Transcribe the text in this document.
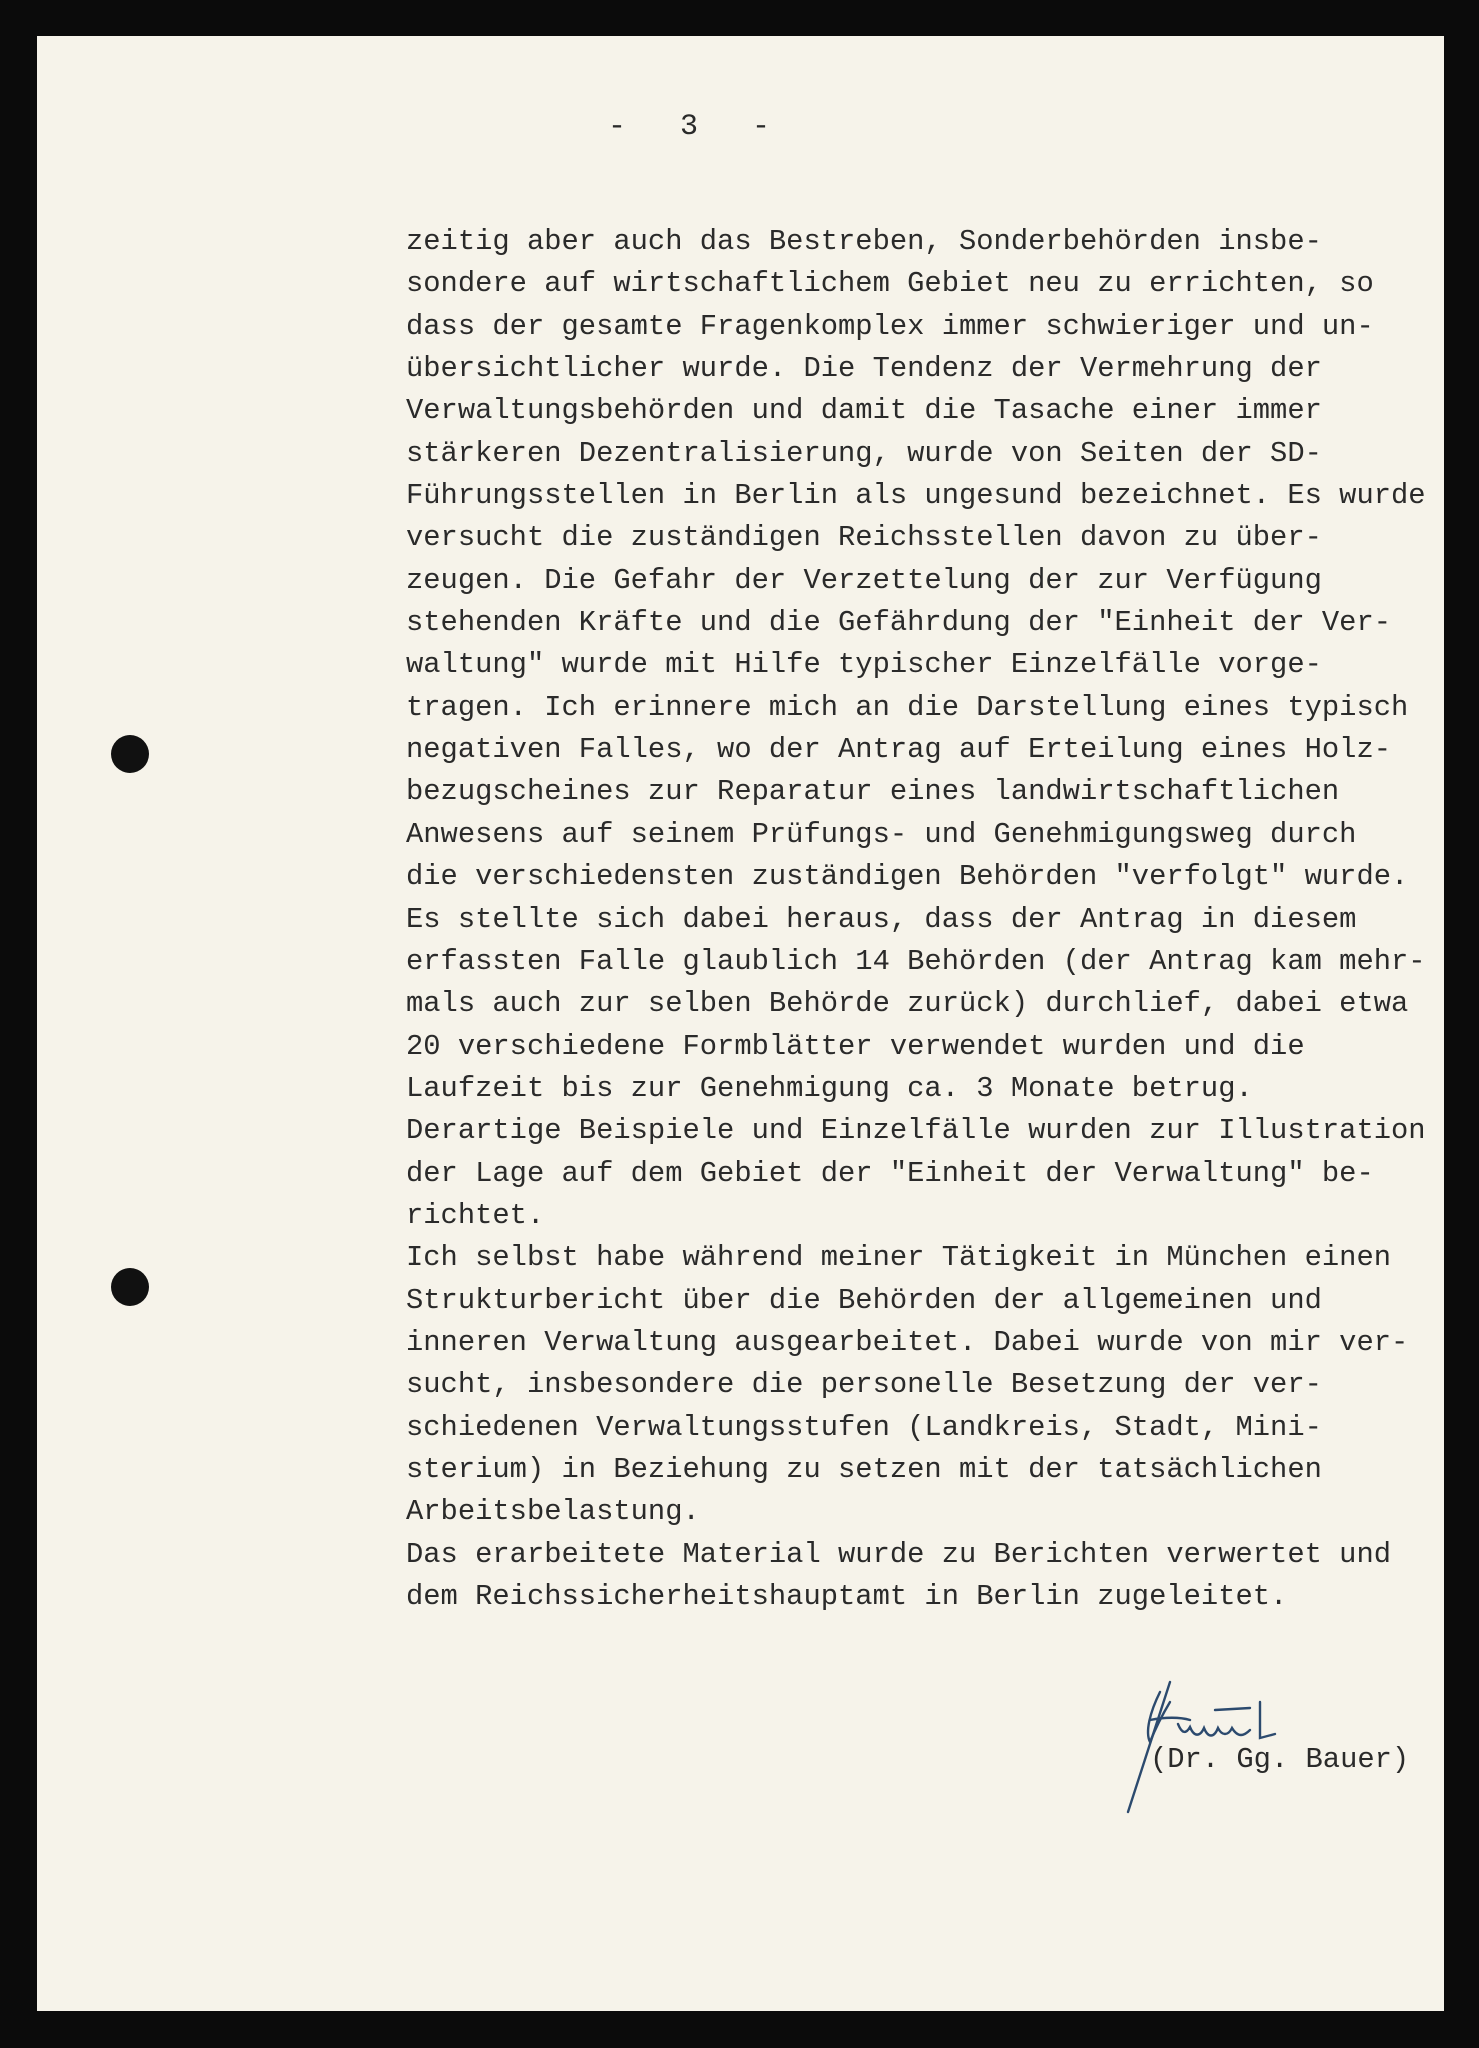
- 3 -
zeitig aber auch das Bestreben, Sonderbehörden insbe-
sondere auf wirtschaftlichem Gebiet neu zu errichten, so
dass der gesamte Fragenkomplex immer schwieriger und un-
übersichtlicher wurde. Die Tendenz der Vermehrung der
Verwaltungsbehörden und damit die Tasache einer immer
stärkeren Dezentralisierung, wurde von Seiten der SD-
Führungsstellen in Berlin als ungesund bezeichnet. Es wurde
versucht die zuständigen Reichsstellen davon zu über-
zeugen. Die Gefahr der Verzettelung der zur Verfügung
stehenden Kräfte und die Gefährdung der "Einheit der Ver-
waltung" wurde mit Hilfe typischer Einzelfälle vorge-
tragen. Ich erinnere mich an die Darstellung eines typisch
negativen Falles, wo der Antrag auf Erteilung eines Holz-
bezugscheines zur Reparatur eines landwirtschaftlichen
Anwesens auf seinem Prüfungs- und Genehmigungsweg durch
die verschiedensten zuständigen Behörden "verfolgt" wurde.
Es stellte sich dabei heraus, dass der Antrag in diesem
erfassten Falle glaublich 14 Behörden (der Antrag kam mehr-
mals auch zur selben Behörde zurück) durchlief, dabei etwa
20 verschiedene Formblätter verwendet wurden und die
Laufzeit bis zur Genehmigung ca. 3 Monate betrug.
Derartige Beispiele und Einzelfälle wurden zur Illustration
der Lage auf dem Gebiet der "Einheit der Verwaltung" be-
richtet.
Ich selbst habe während meiner Tätigkeit in München einen
Strukturbericht über die Behörden der allgemeinen und
inneren Verwaltung ausgearbeitet. Dabei wurde von mir ver-
sucht, insbesondere die personelle Besetzung der ver-
schiedenen Verwaltungsstufen (Landkreis, Stadt, Mini-
sterium) in Beziehung zu setzen mit der tatsächlichen
Arbeitsbelastung.
Das erarbeitete Material wurde zu Berichten verwertet und
dem Reichssicherheitshauptamt in Berlin zugeleitet.
(Dr. Gg. Bauer)
